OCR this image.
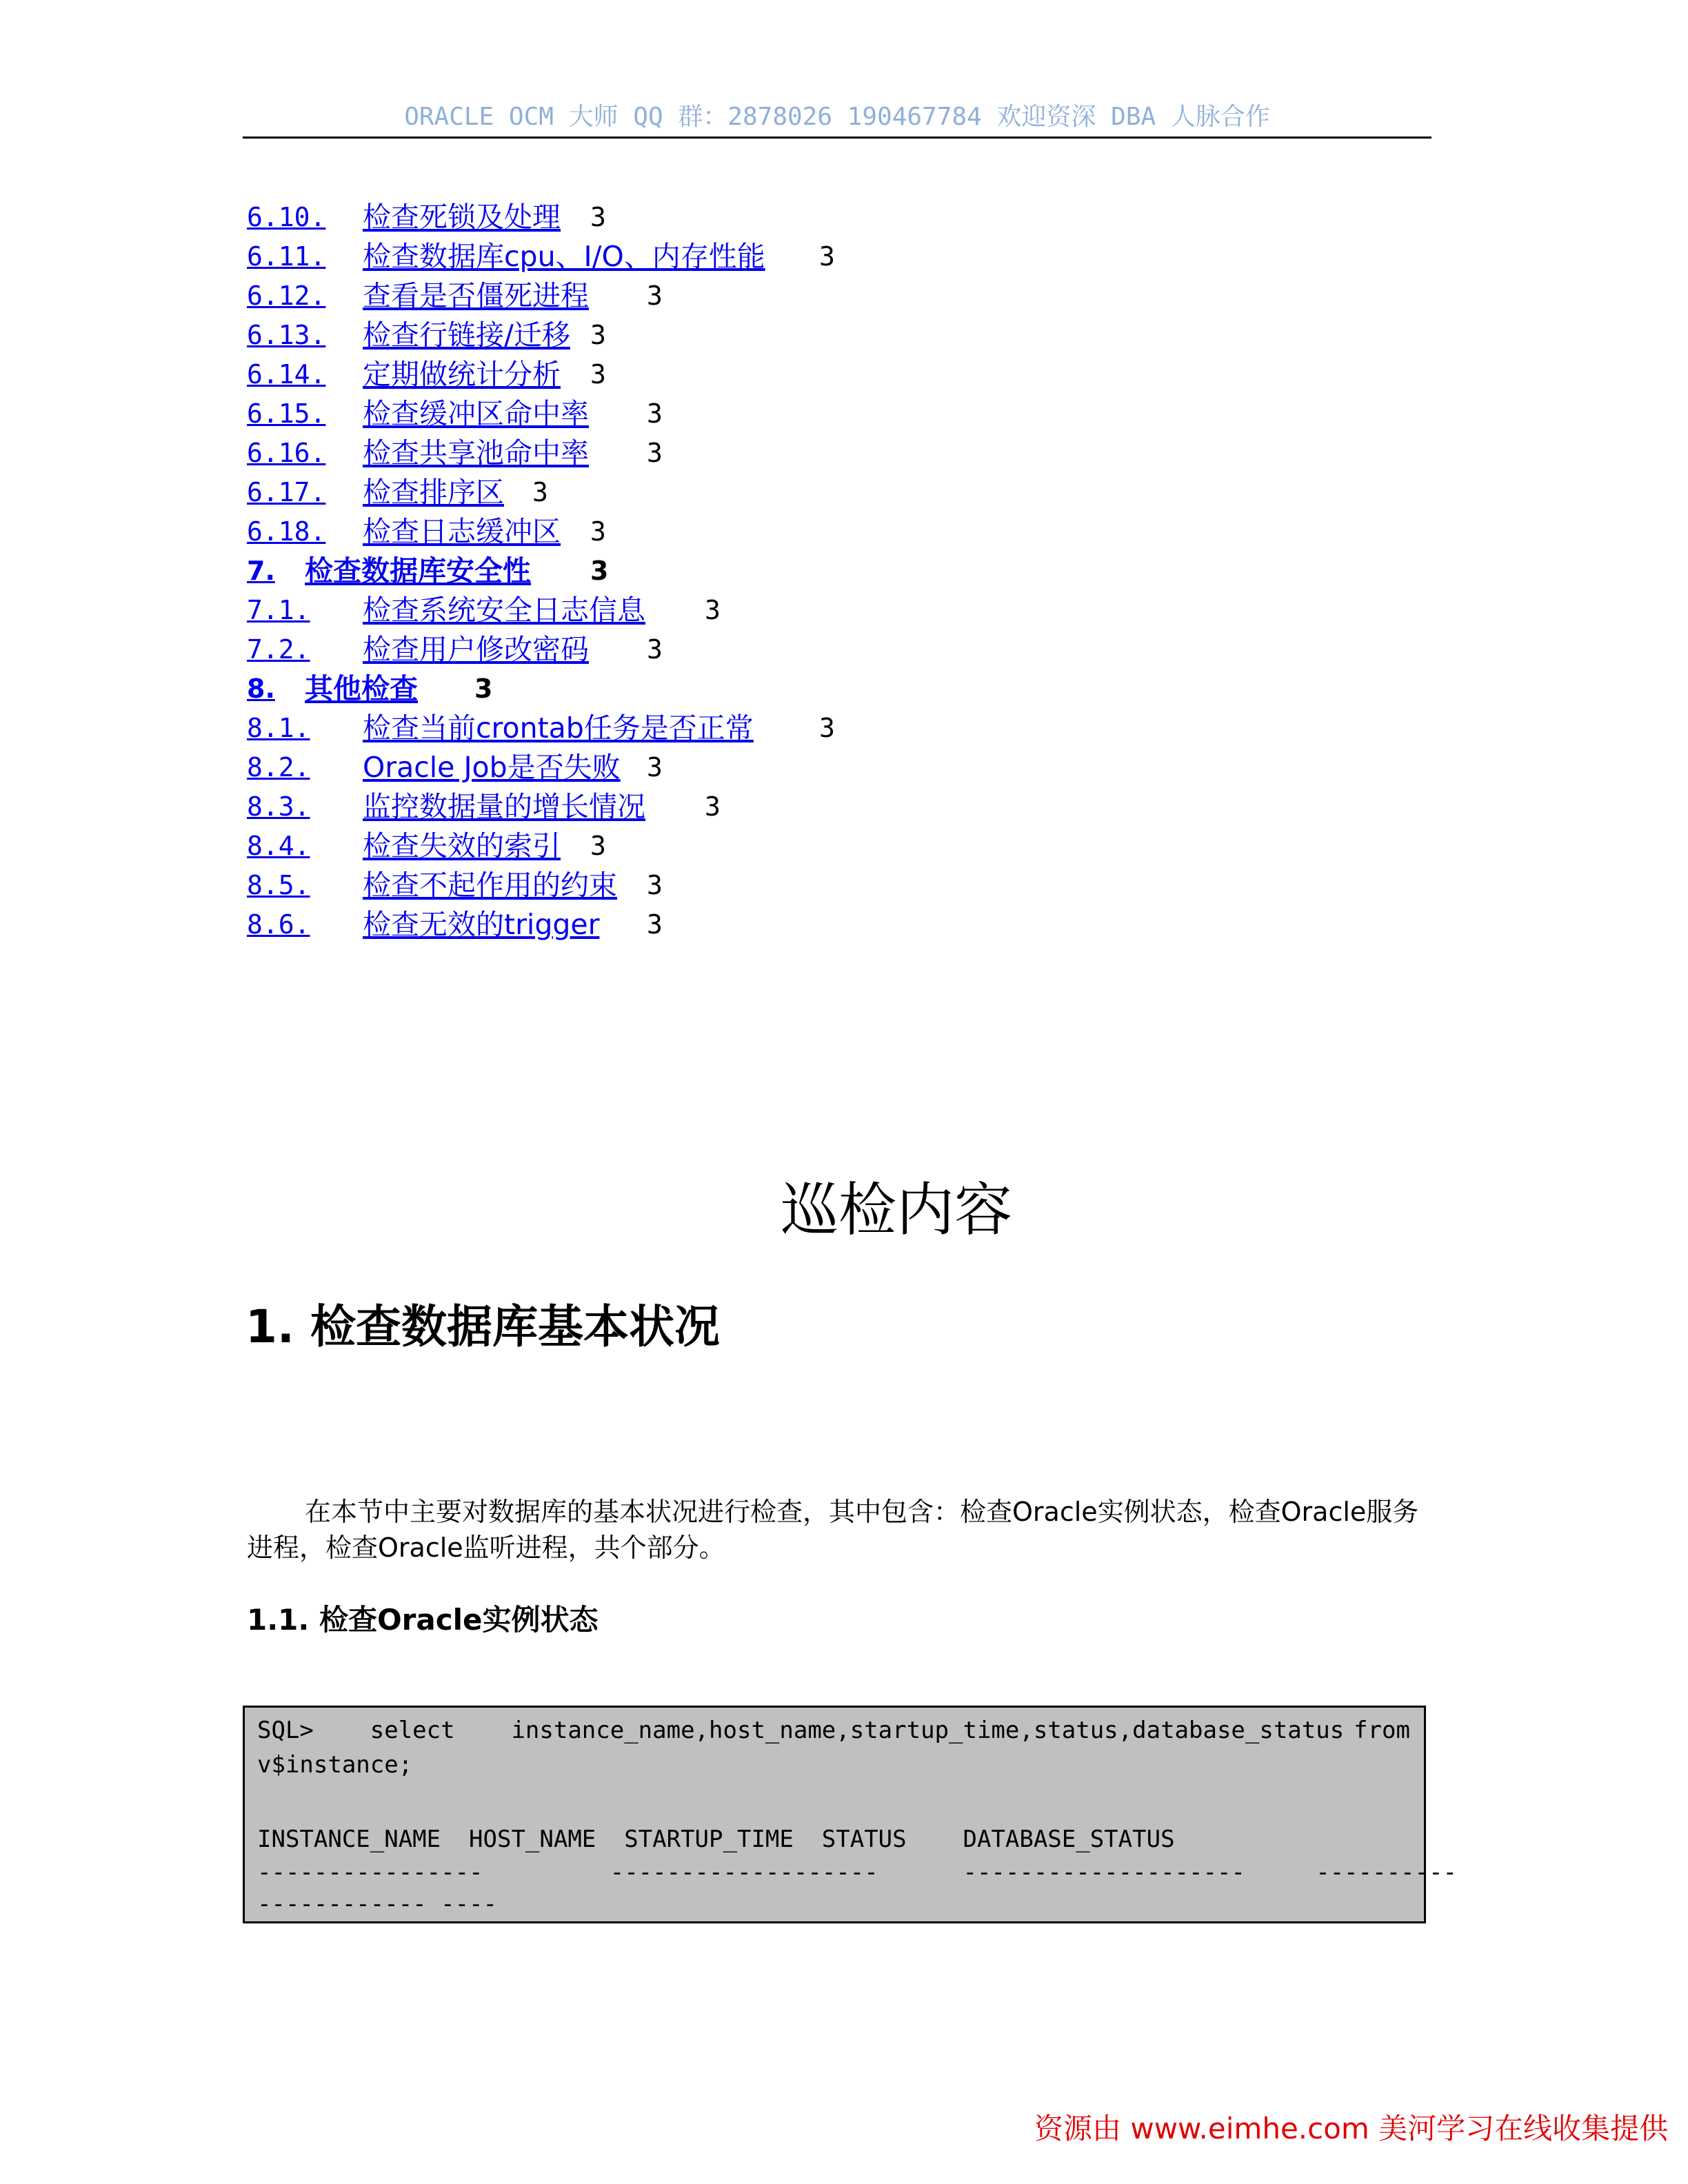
ORACLE OCM 大师 QQ 群：2878026 190467784 欢迎资深 DBA 人脉合作
6.10. 检查死锁及处理 3
6.11. 检查数据库cpu、I/O、内存性能 3
6.12. 查看是否僵死进程 3
6.13. 检查行链接/迁移 3
6.14. 定期做统计分析 3
6.15. 检查缓冲区命中率 3
6.16. 检查共享池命中率 3
6.17. 检查排序区 3
6.18. 检查日志缓冲区 3
7. 检查数据库安全性 3
7.1. 检查系统安全日志信息 3
7.2. 检查用户修改密码 3
8. 其他检查 3
8.1. 检查当前crontab任务是否正常	3
8.2. Oracle Job是否失败 3
8.3. 监控数据量的增长情况 3
8.4. 检查失效的索引 3
8.5. 检查不起作用的约束 3
8.6. 检查无效的trigger 3
巡检内容
1. 检查数据库基本状况
在本节中主要对数据库的基本状况进行检查，其中包含：检查Oracle实例状态，检查Oracle服务进程，检查Oracle监听进程，共个部分。
1.1. 检查Oracle实例状态
SQL>    select    instance_name,host_name,startup_time,status,database_status from
v$instance;
INSTANCE_NAME  HOST_NAME  STARTUP_TIME  STATUS    DATABASE_STATUS
----------------         -------------------      --------------------     ----------
------------ ----
资源由 www.eimhe.com 美河学习在线收集提供
